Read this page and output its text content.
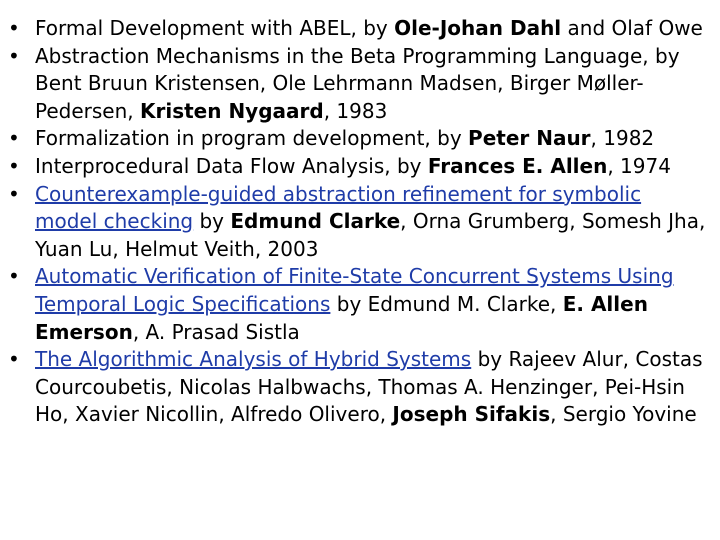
• Formal Development with ABEL, by Ole-Johan Dahl and Olaf Owe
• Abstraction Mechanisms in the Beta Programming Language, by Bent Bruun Kristensen, Ole Lehrmann Madsen, Birger Møller-Pedersen, Kristen Nygaard, 1983
• Formalization in program development, by Peter Naur, 1982
• Interprocedural Data Flow Analysis, by Frances E. Allen, 1974
• Counterexample-guided abstraction refinement for symbolic model checking by Edmund Clarke, Orna Grumberg, Somesh Jha, Yuan Lu, Helmut Veith, 2003
• Automatic Verification of Finite-State Concurrent Systems Using Temporal Logic Specifications by Edmund M. Clarke, E. Allen Emerson, A. Prasad Sistla
• The Algorithmic Analysis of Hybrid Systems by Rajeev Alur, Costas Courcoubetis, Nicolas Halbwachs, Thomas A. Henzinger, Pei-Hsin Ho, Xavier Nicollin, Alfredo Olivero, Joseph Sifakis, Sergio Yovine
